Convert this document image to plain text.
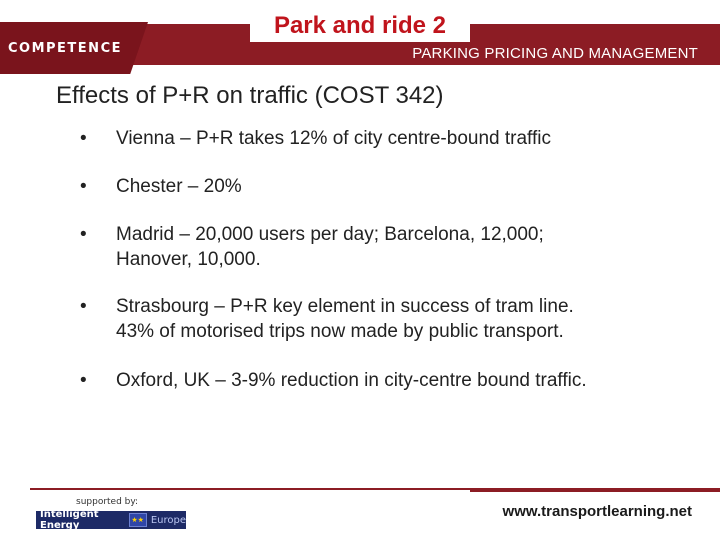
COMPETENCE
Park and ride 2
PARKING PRICING AND MANAGEMENT
Effects of P+R on traffic (COST 342)
• Vienna – P+R takes 12% of city centre-bound traffic
• Chester – 20%
• Madrid – 20,000 users per day; Barcelona, 12,000;
Hanover, 10,000.
• Strasbourg – P+R key element in success of tram line.
43% of motorised trips now made by public transport.
• Oxford, UK – 3-9% reduction in city-centre bound traffic.
supported by:
Intelligent Energy	★★ Europe	www.transportlearning.net
